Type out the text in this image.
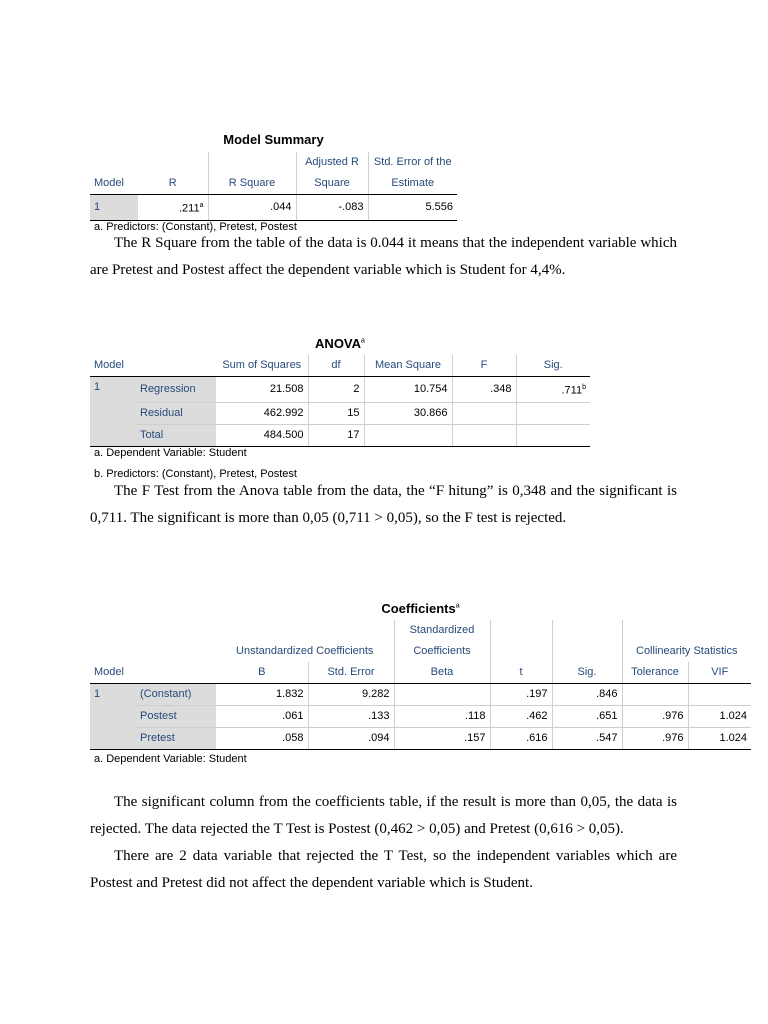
Model Summary
			Adjusted R	Std. Error of the
Model	R	R Square	Square	Estimate
1	.211$^a$	.044	-.083	5.556
a. Predictors: (Constant), Pretest, Postest
The R Square from the table of the data is 0.044 it means that the independent variable which are Pretest and Postest affect the dependent variable which is Student for 4,4%.
ANOVA$^a$
Model		Sum of Squares	df	Mean Square	F	Sig.
1	Regression	21.508	2	10.754	.348	.711$^b$
	Residual	462.992	15	30.866		
	Total	484.500	17			
a. Dependent Variable: Student
b. Predictors: (Constant), Pretest, Postest
The F Test from the Anova table from the data, the “F hitung” is 0,348 and the significant is 0,711. The significant is more than 0,05 (0,711 > 0,05), so the F test is rejected.
Coefficients$^a$
				Standardized				
		Unstandardized Coefficients		Coefficients			Collinearity Statistics	
Model		B	Std. Error	Beta	t	Sig.	Tolerance	VIF
1	(Constant)	1.832	9.282		.197	.846		
	Postest	.061	.133	.118	.462	.651	.976	1.024
	Pretest	.058	.094	.157	.616	.547	.976	1.024
a. Dependent Variable: Student
The significant column from the coefficients table, if the result is more than 0,05, the data is rejected. The data rejected the T Test is Postest (0,462 > 0,05) and Pretest (0,616 > 0,05).
There are 2 data variable that rejected the T Test, so the independent variables which are Postest and Pretest did not affect the dependent variable which is Student.
